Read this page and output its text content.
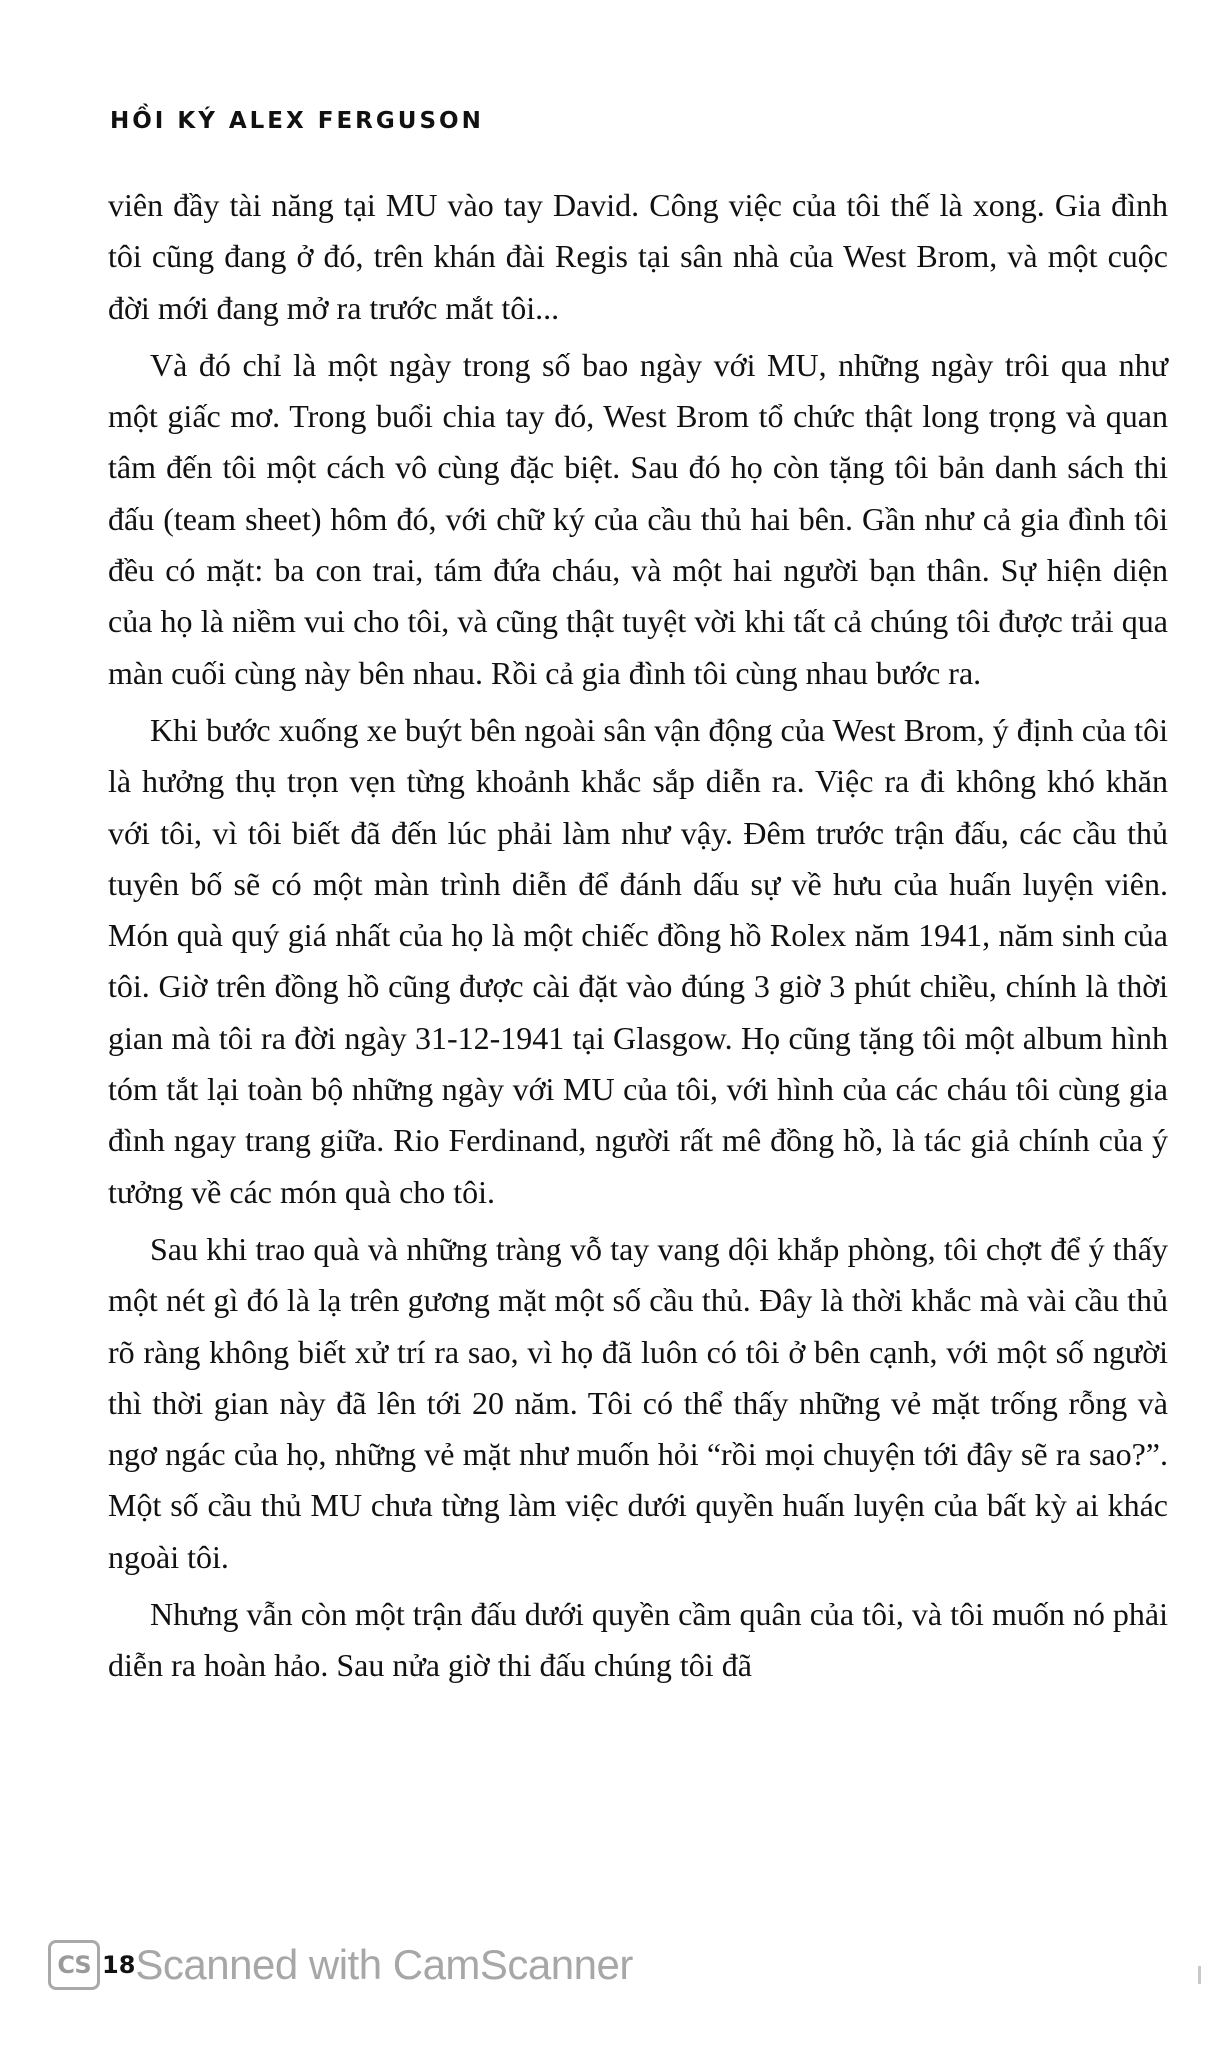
HỒI KÝ ALEX FERGUSON

viên đầy tài năng tại MU vào tay David. Công việc của tôi thế là xong. Gia đình tôi cũng đang ở đó, trên khán đài Regis tại sân nhà của West Brom, và một cuộc đời mới đang mở ra trước mắt tôi...

Và đó chỉ là một ngày trong số bao ngày với MU, những ngày trôi qua như một giấc mơ. Trong buổi chia tay đó, West Brom tổ chức thật long trọng và quan tâm đến tôi một cách vô cùng đặc biệt. Sau đó họ còn tặng tôi bản danh sách thi đấu (team sheet) hôm đó, với chữ ký của cầu thủ hai bên. Gần như cả gia đình tôi đều có mặt: ba con trai, tám đứa cháu, và một hai người bạn thân. Sự hiện diện của họ là niềm vui cho tôi, và cũng thật tuyệt vời khi tất cả chúng tôi được trải qua màn cuối cùng này bên nhau. Rồi cả gia đình tôi cùng nhau bước ra.

Khi bước xuống xe buýt bên ngoài sân vận động của West Brom, ý định của tôi là hưởng thụ trọn vẹn từng khoảnh khắc sắp diễn ra. Việc ra đi không khó khăn với tôi, vì tôi biết đã đến lúc phải làm như vậy. Đêm trước trận đấu, các cầu thủ tuyên bố sẽ có một màn trình diễn để đánh dấu sự về hưu của huấn luyện viên. Món quà quý giá nhất của họ là một chiếc đồng hồ Rolex năm 1941, năm sinh của tôi. Giờ trên đồng hồ cũng được cài đặt vào đúng 3 giờ 3 phút chiều, chính là thời gian mà tôi ra đời ngày 31-12-1941 tại Glasgow. Họ cũng tặng tôi một album hình tóm tắt lại toàn bộ những ngày với MU của tôi, với hình của các cháu tôi cùng gia đình ngay trang giữa. Rio Ferdinand, người rất mê đồng hồ, là tác giả chính của ý tưởng về các món quà cho tôi.

Sau khi trao quà và những tràng vỗ tay vang dội khắp phòng, tôi chợt để ý thấy một nét gì đó là lạ trên gương mặt một số cầu thủ. Đây là thời khắc mà vài cầu thủ rõ ràng không biết xử trí ra sao, vì họ đã luôn có tôi ở bên cạnh, với một số người thì thời gian này đã lên tới 20 năm. Tôi có thể thấy những vẻ mặt trống rỗng và ngơ ngác của họ, những vẻ mặt như muốn hỏi “rồi mọi chuyện tới đây sẽ ra sao?”. Một số cầu thủ MU chưa từng làm việc dưới quyền huấn luyện của bất kỳ ai khác ngoài tôi.

Nhưng vẫn còn một trận đấu dưới quyền cầm quân của tôi, và tôi muốn nó phải diễn ra hoàn hảo. Sau nửa giờ thi đấu chúng tôi đã

CS 18 Scanned with CamScanner
